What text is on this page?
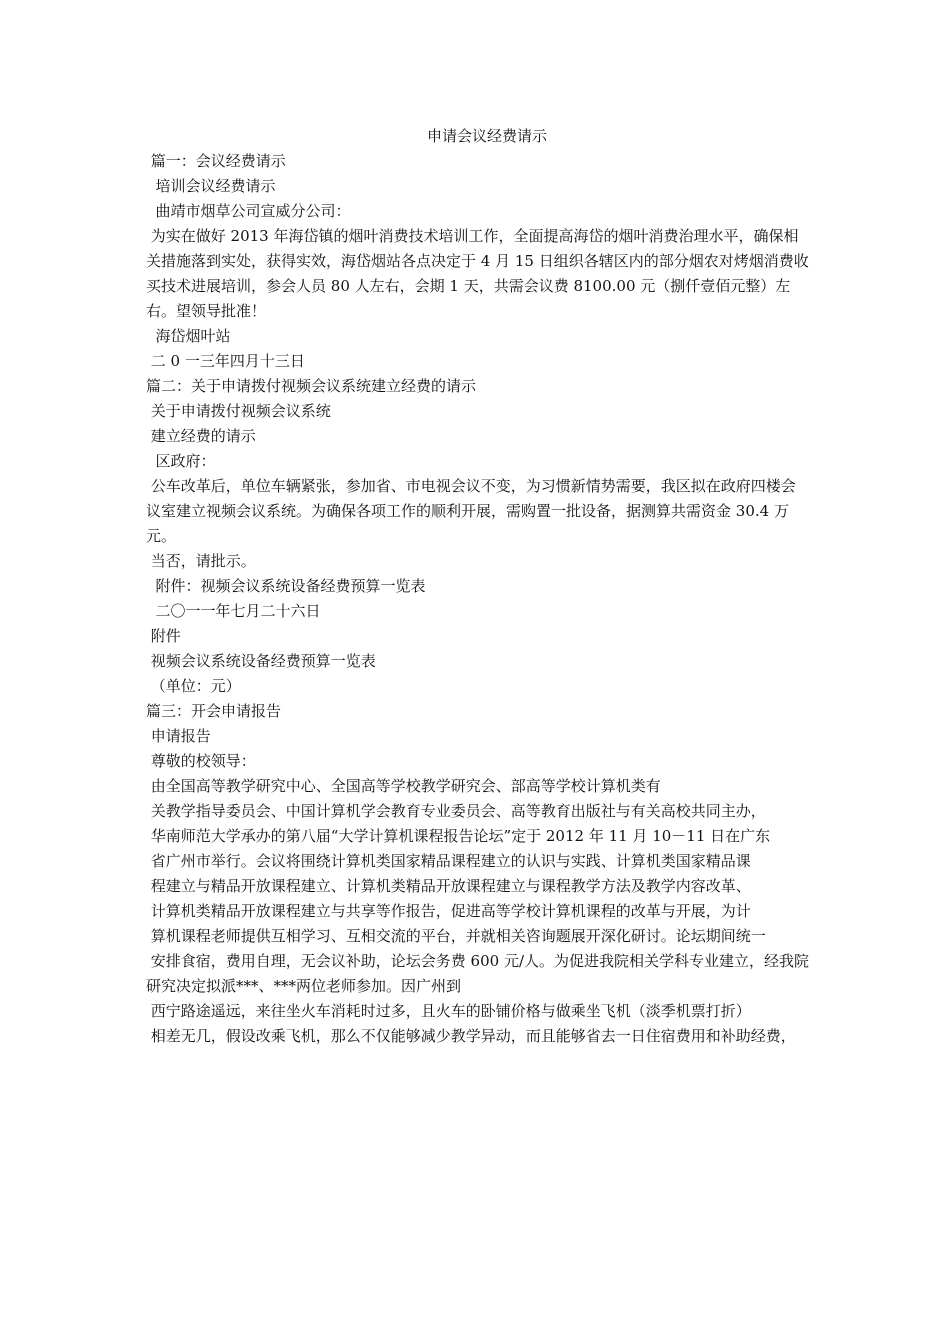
申请会议经费请示
篇一：会议经费请示
培训会议经费请示
曲靖市烟草公司宣威分公司：
为实在做好 2013 年海岱镇的烟叶消费技术培训工作，全面提高海岱的烟叶消费治理水平，确保相关措施落到实处，获得实效，海岱烟站各点决定于 4 月 15 日组织各辖区内的部分烟农对烤烟消费收买技术进展培训，参会人员 80 人左右，会期 1 天，共需会议费 8100.00 元（捌仟壹佰元整）左右。望领导批准！
海岱烟叶站
二 0 一三年四月十三日
篇二：关于申请拨付视频会议系统建立经费的请示
关于申请拨付视频会议系统
建立经费的请示
区政府：
公车改革后，单位车辆紧张，参加省、市电视会议不变，为习惯新情势需要，我区拟在政府四楼会议室建立视频会议系统。为确保各项工作的顺利开展，需购置一批设备，据测算共需资金 30.4 万元。
当否，请批示。
附件：视频会议系统设备经费预算一览表
二〇一一年七月二十六日
附件
视频会议系统设备经费预算一览表
（单位：元）
篇三：开会申请报告
申请报告
尊敬的校领导：
由全国高等教学研究中心、全国高等学校教学研究会、部高等学校计算机类有
关教学指导委员会、中国计算机学会教育专业委员会、高等教育出版社与有关高校共同主办，
华南师范大学承办的第八届“大学计算机课程报告论坛”定于 2012 年 11 月 10－11 日在广东
省广州市举行。会议将围绕计算机类国家精品课程建立的认识与实践、计算机类国家精品课
程建立与精品开放课程建立、计算机类精品开放课程建立与课程教学方法及教学内容改革、
计算机类精品开放课程建立与共享等作报告，促进高等学校计算机课程的改革与开展，为计
算机课程老师提供互相学习、互相交流的平台，并就相关咨询题展开深化研讨。论坛期间统一
安排食宿，费用自理，无会议补助，论坛会务费 600 元/人。为促进我院相关学科专业建立，经我院研究决定拟派***、***两位老师参加。因广州到
西宁路途遥远，来往坐火车消耗时过多，且火车的卧铺价格与做乘坐飞机（淡季机票打折）
相差无几，假设改乘飞机，那么不仅能够减少教学异动，而且能够省去一日住宿费用和补助经费，
